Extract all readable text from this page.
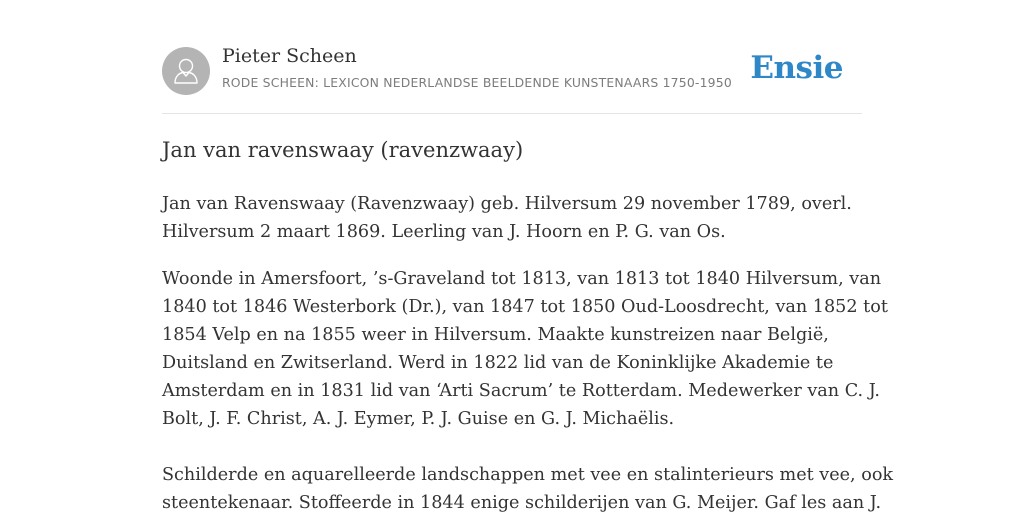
Pieter Scheen
RODE SCHEEN: LEXICON NEDERLANDSE BEELDENDE KUNSTENAARS 1750-1950 Ensie
Jan van ravenswaay (ravenzwaay)

Jan van Ravenswaay (Ravenzwaay) geb. Hilversum 29 november 1789, overl.
Hilversum 2 maart 1869. Leerling van J. Hoorn en P. G. van Os.

Woonde in Amersfoort, ’s-Graveland tot 1813, van 1813 tot 1840 Hilversum, van
1840 tot 1846 Westerbork (Dr.), van 1847 tot 1850 Oud-Loosdrecht, van 1852 tot
1854 Velp en na 1855 weer in Hilversum. Maakte kunstreizen naar België,
Duitsland en Zwitserland. Werd in 1822 lid van de Koninklijke Akademie te
Amsterdam en in 1831 lid van ‘Arti Sacrum’ te Rotterdam. Medewerker van C. J.
Bolt, J. F. Christ, A. J. Eymer, P. J. Guise en G. J. Michaëlis.

Schilderde en aquarelleerde landschappen met vee en stalinterieurs met vee, ook
steentekenaar. Stoffeerde in 1844 enige schilderijen van G. Meijer. Gaf les aan J.
